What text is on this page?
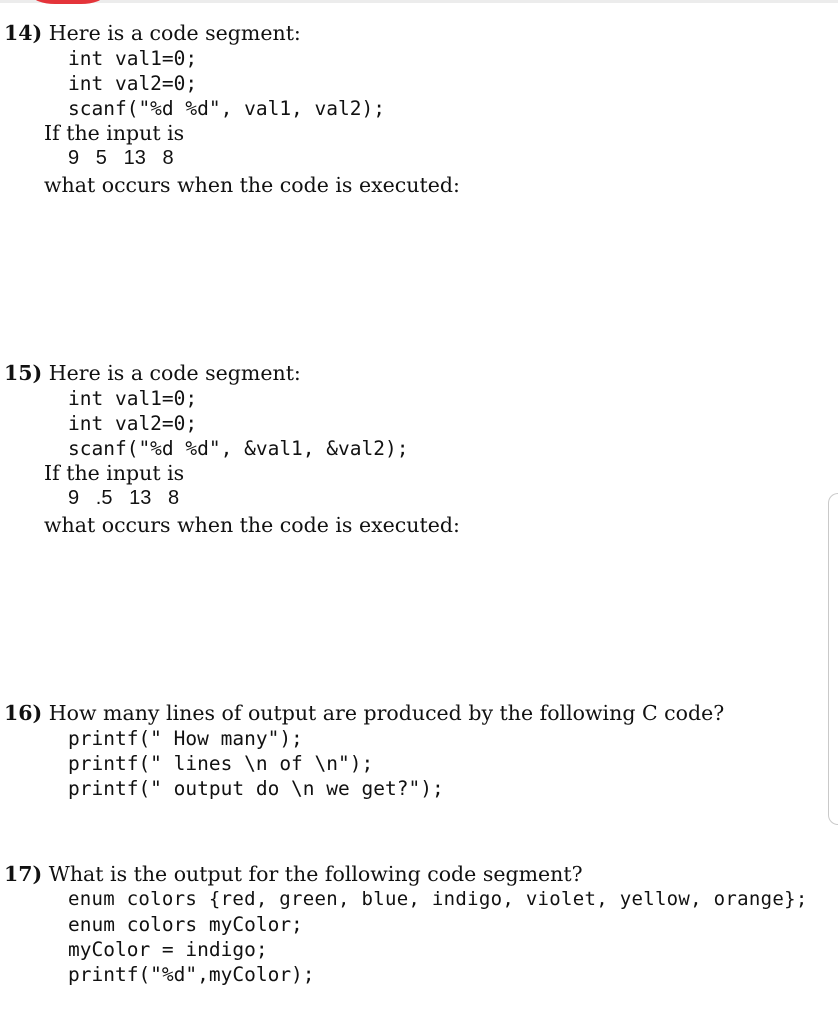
14) Here is a code segment:
int val1=0;
int val2=0;
scanf("%d %d", val1, val2);
If the input is
9   5   13   8
what occurs when the code is executed:
15) Here is a code segment:
int val1=0;
int val2=0;
scanf("%d %d", &val1, &val2);
If the input is
9   .5   13   8
what occurs when the code is executed:
16) How many lines of output are produced by the following C code?
printf(" How many");
printf(" lines \n of \n");
printf(" output do \n we get?");
17) What is the output for the following code segment?
enum colors {red, green, blue, indigo, violet, yellow, orange};
enum colors myColor;
myColor = indigo;
printf("%d",myColor);
